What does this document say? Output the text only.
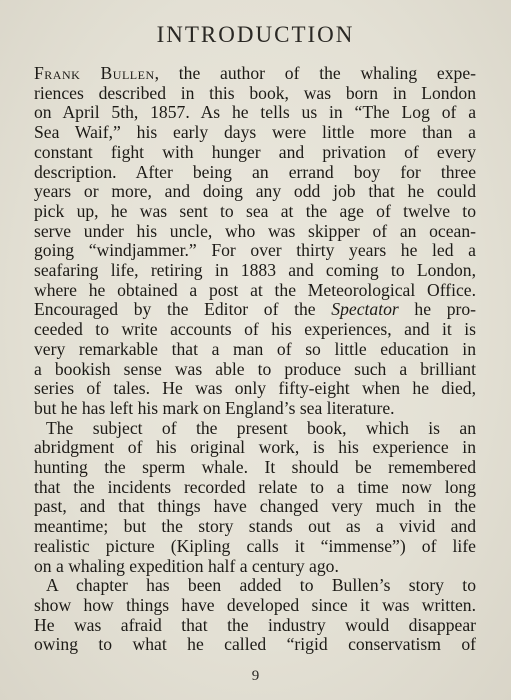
INTRODUCTION
Frank Bullen, the author of the whaling expe-
riences described in this book, was born in London
on April 5th, 1857. As he tells us in “The Log of a
Sea Waif,” his early days were little more than a
constant fight with hunger and privation of every
description. After being an errand boy for three
years or more, and doing any odd job that he could
pick up, he was sent to sea at the age of twelve to
serve under his uncle, who was skipper of an ocean-
going “windjammer.” For over thirty years he led a
seafaring life, retiring in 1883 and coming to London,
where he obtained a post at the Meteorological Office.
Encouraged by the Editor of the Spectator he pro-
ceeded to write accounts of his experiences, and it is
very remarkable that a man of so little education in
a bookish sense was able to produce such a brilliant
series of tales. He was only fifty-eight when he died,
but he has left his mark on England’s sea literature.
The subject of the present book, which is an
abridgment of his original work, is his experience in
hunting the sperm whale. It should be remembered
that the incidents recorded relate to a time now long
past, and that things have changed very much in the
meantime; but the story stands out as a vivid and
realistic picture (Kipling calls it “immense”) of life
on a whaling expedition half a century ago.
A chapter has been added to Bullen’s story to
show how things have developed since it was written.
He was afraid that the industry would disappear
owing to what he called “rigid conservatism of
9
